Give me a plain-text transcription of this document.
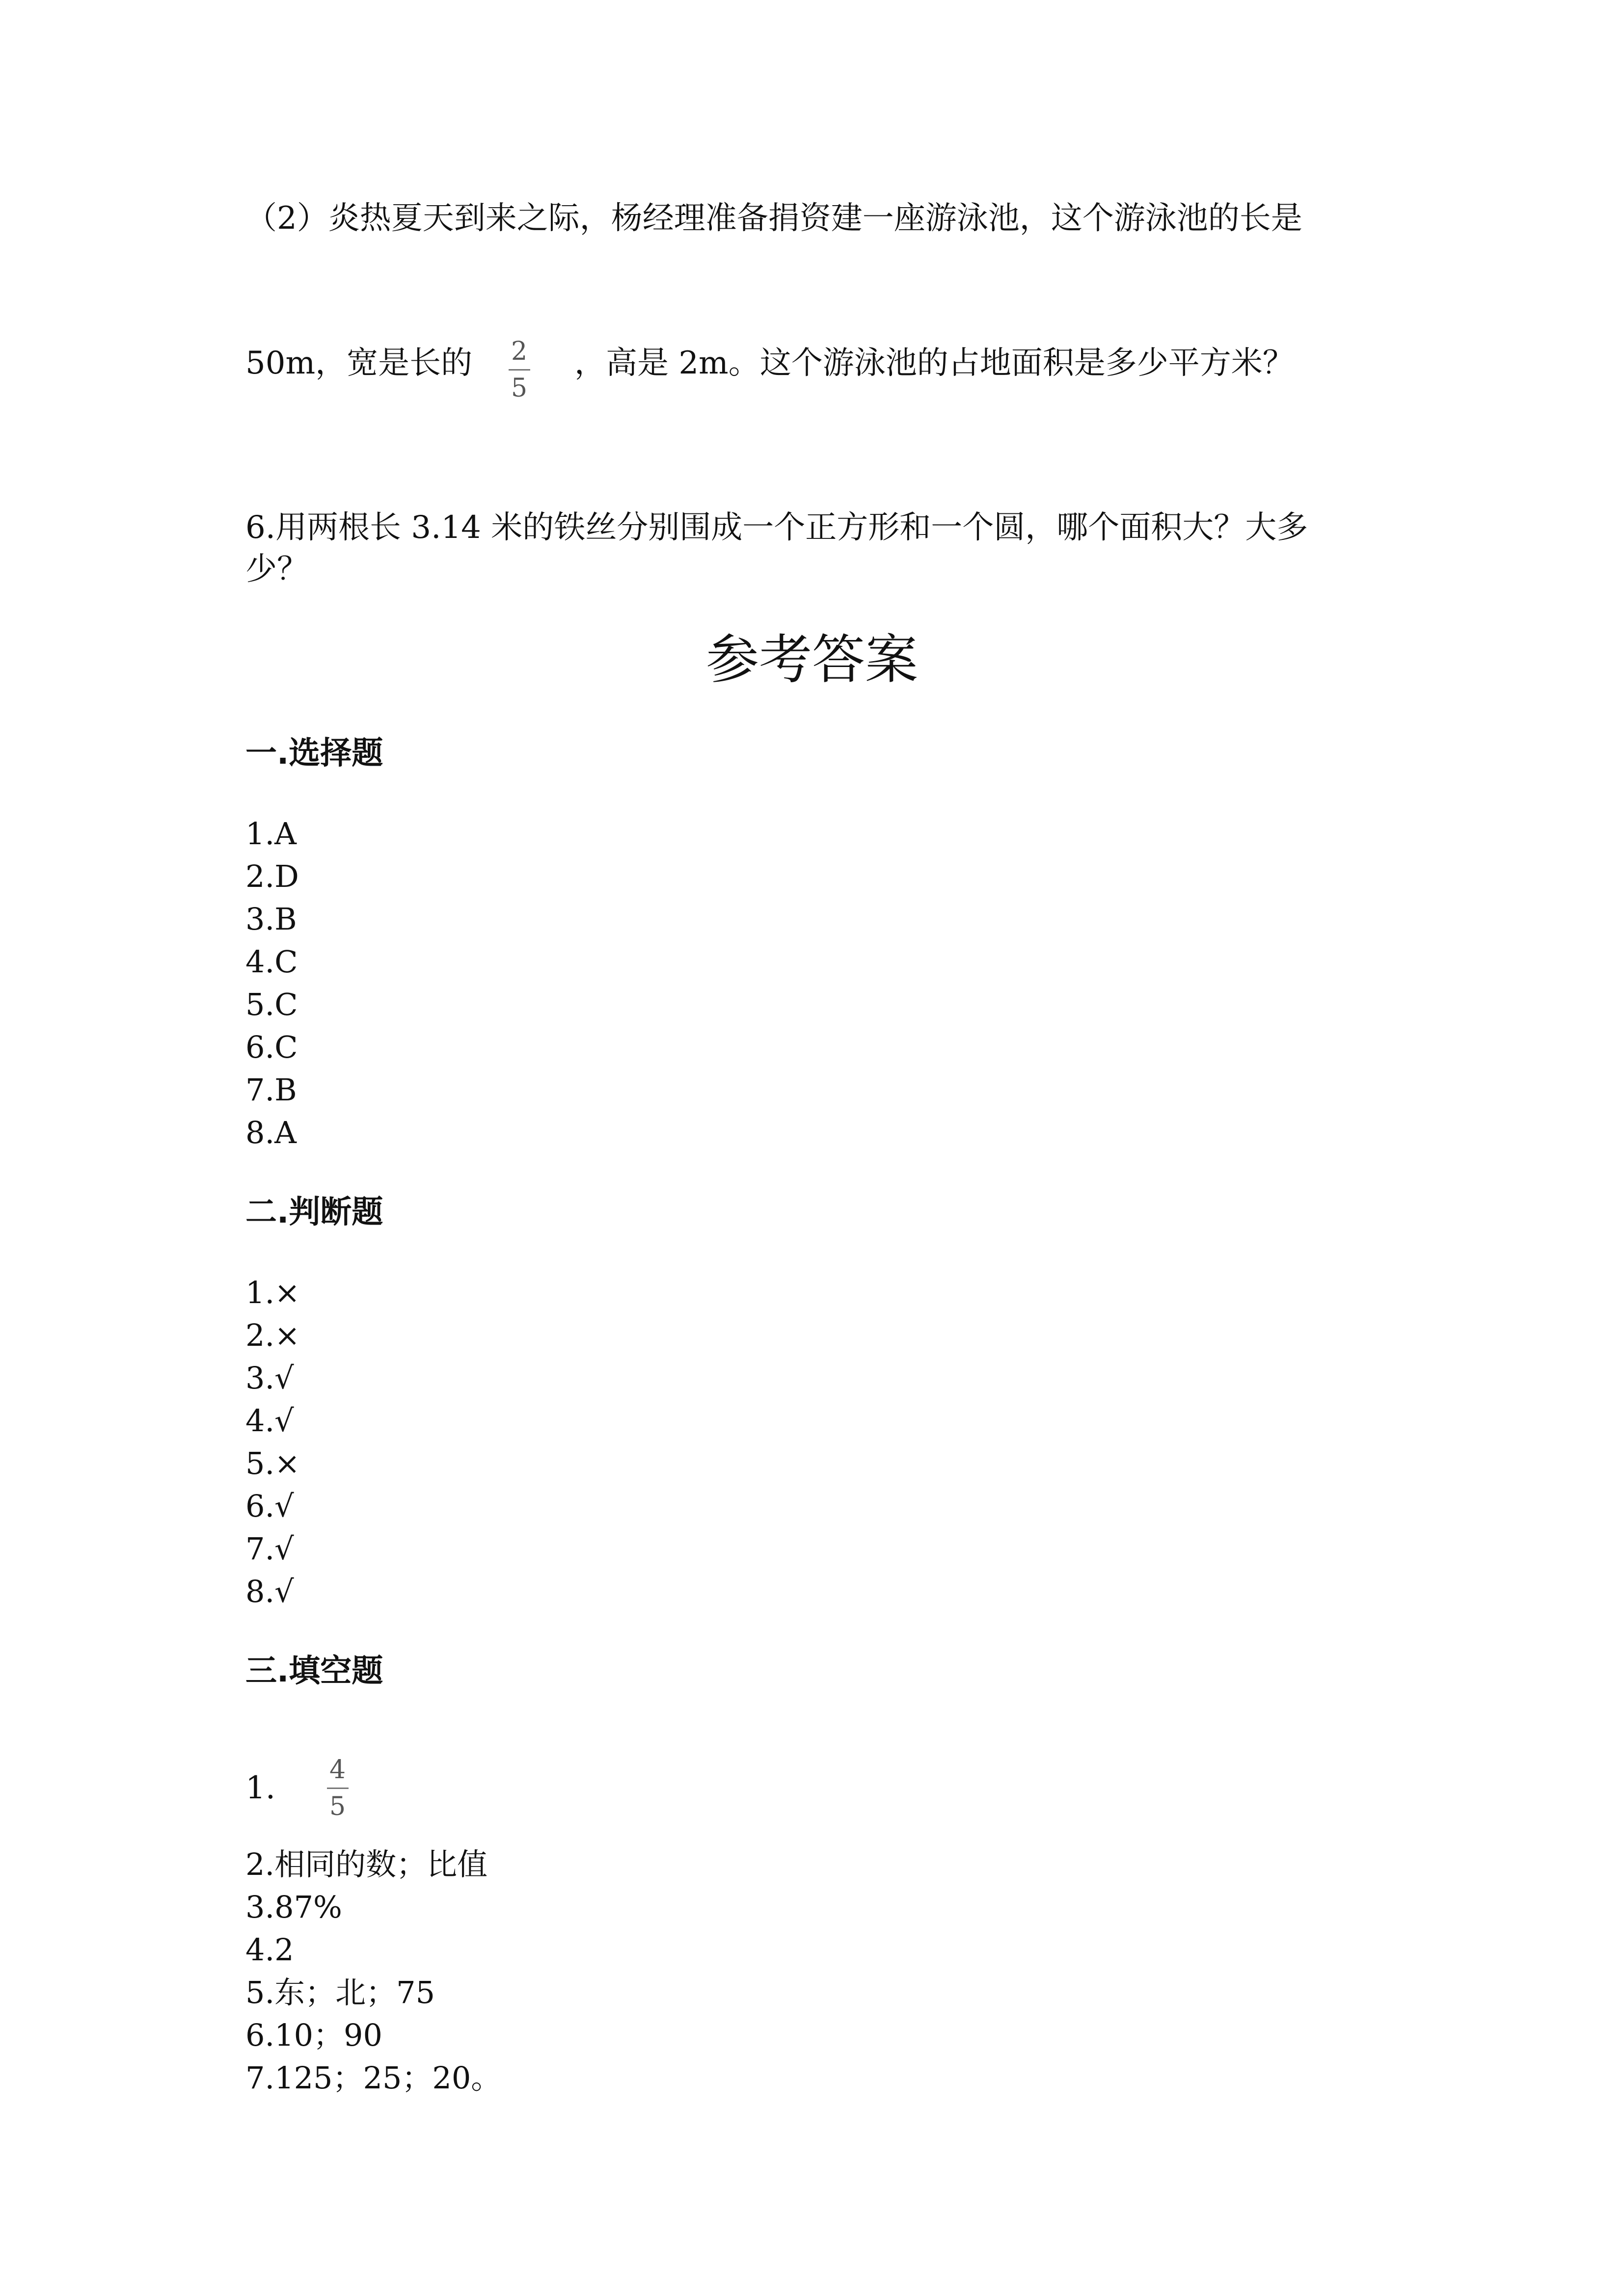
（2）炎热夏天到来之际，杨经理准备捐资建一座游泳池，这个游泳池的长是
50m，宽是长的 2
5
，高是 2m。这个游泳池的占地面积是多少平方米？
6.用两根长 3.14 米的铁丝分别围成一个正方形和一个圆，哪个面积大？大多
少？
参考答案
一.选择题
1.A
2.D
3.B
4.C
5.C
6.C
7.B
8.A
二.判断题
1.×
2.×
3.√
4.√
5.×
6.√
7.√
8.√
三.填空题
1. 4
5
2.相同的数；比值
3.87%
4.2
5.东；北；75
6.10；90
7.125；25；20。
